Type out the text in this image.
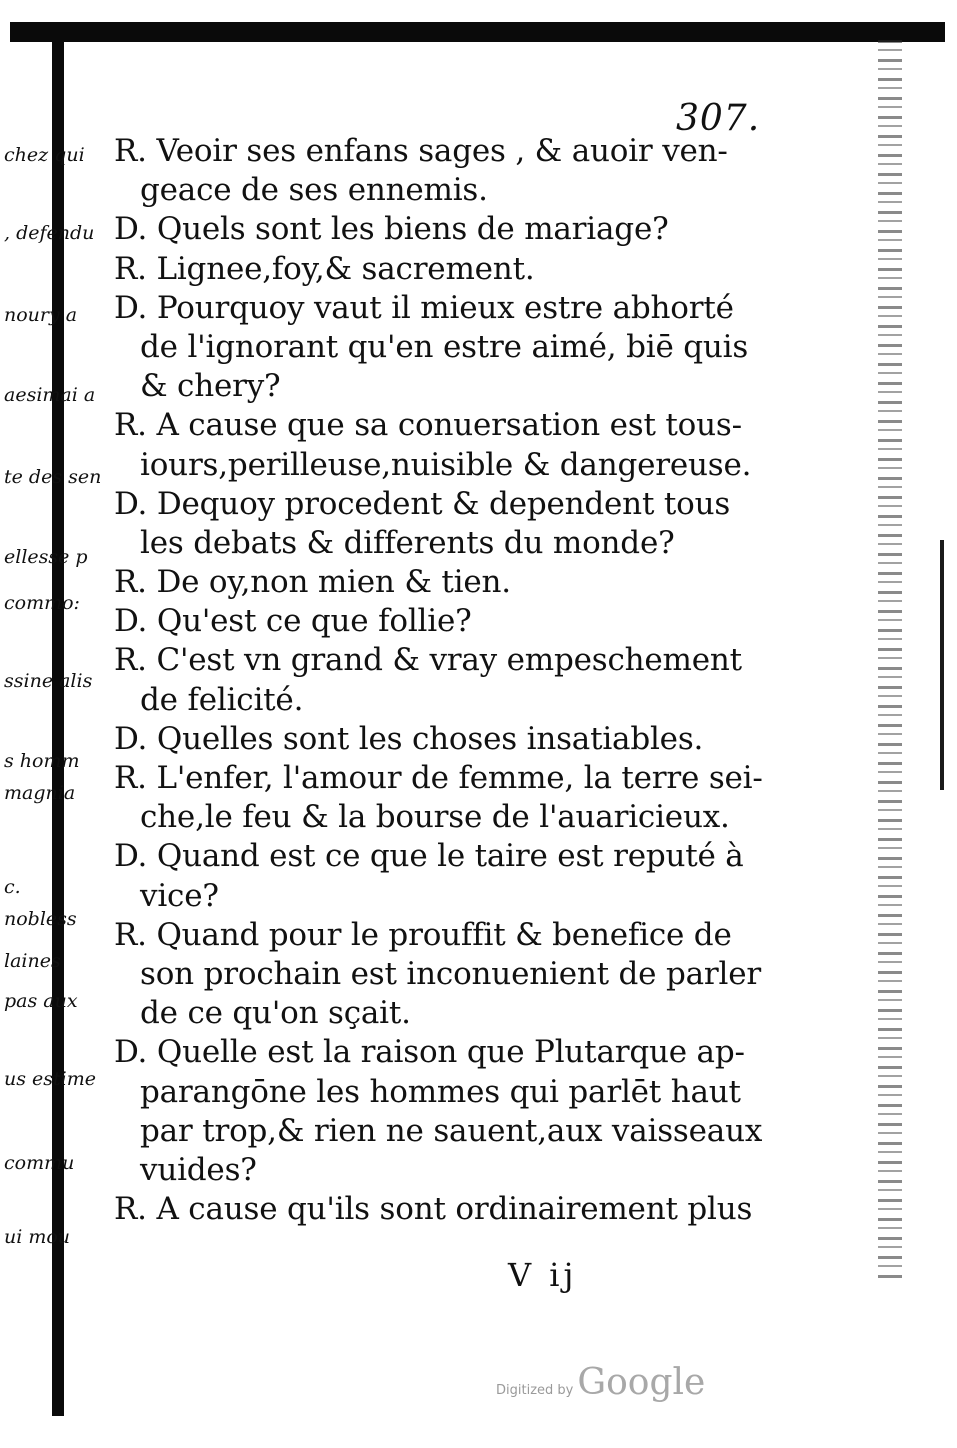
307.
chez qui
, defendu
noury a
aesimai a
te des sen
ellesse p
commo:
ssine alis
s homm
magnia
c.
nobless
laines
pas aux
us estime
commu
ui mou
R. Veoir ses enfans sages , & auoir ven-
geace de ses ennemis.
D. Quels sont les biens de mariage?
R. Lignee,foy,& sacrement.
D. Pourquoy vaut il mieux estre abhorté
de l'ignorant qu'en estre aimé, biē quis
& chery?
R. A cause que sa conuersation est tous-
iours,perilleuse,nuisible & dangereuse.
D. Dequoy procedent & dependent tous
les debats & differents du monde?
R. De oy,non mien & tien.
D. Qu'est ce que follie?
R. C'est vn grand & vray empeschement
de felicité.
D. Quelles sont les choses insatiables.
R. L'enfer, l'amour de femme, la terre sei-
che,le feu & la bourse de l'auaricieux.
D. Quand est ce que le taire est reputé à
vice?
R. Quand pour le prouffit & benefice de
son prochain est inconuenient de parler
de ce qu'on sçait.
D. Quelle est la raison que Plutarque ap-
parangōne les hommes qui parlēt haut
par trop,& rien ne sauent,aux vaisseaux
vuides?
R. A cause qu'ils sont ordinairement plus
V ij
Digitized by Google
